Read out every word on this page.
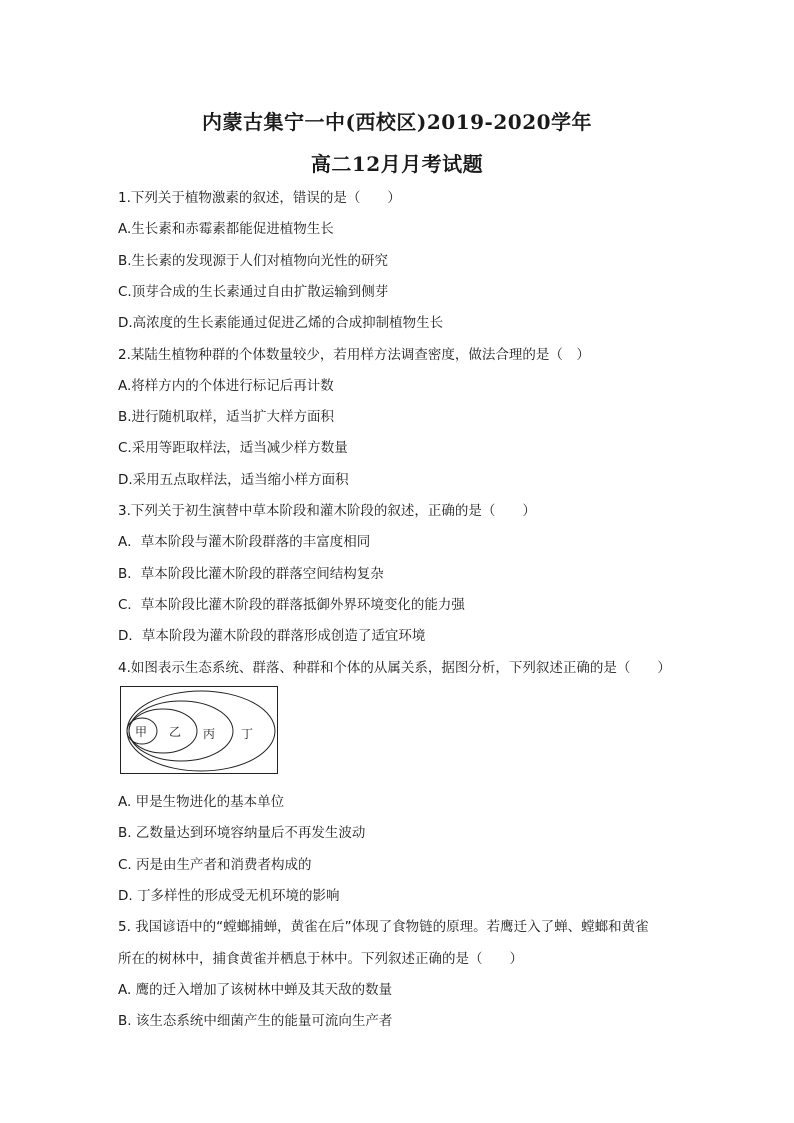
内蒙古集宁一中(西校区)2019-2020学年
高二12月月考试题
1.下列关于植物激素的叙述，错误的是（　　）
A.生长素和赤霉素都能促进植物生长
B.生长素的发现源于人们对植物向光性的研究
C.顶芽合成的生长素通过自由扩散运输到侧芽
D.高浓度的生长素能通过促进乙烯的合成抑制植物生长
2.某陆生植物种群的个体数量较少，若用样方法调查密度，做法合理的是（　）
A.将样方内的个体进行标记后再计数
B.进行随机取样，适当扩大样方面积
C.采用等距取样法，适当减少样方数量
D.采用五点取样法，适当缩小样方面积
3.下列关于初生演替中草本阶段和灌木阶段的叙述，正确的是（　　）
A．草本阶段与灌木阶段群落的丰富度相同
B．草本阶段比灌木阶段的群落空间结构复杂
C．草本阶段比灌木阶段的群落抵御外界环境变化的能力强
D．草本阶段为灌木阶段的群落形成创造了适宜环境
4.如图表示生态系统、群落、种群和个体的从属关系，据图分析，下列叙述正确的是（　　）
甲 乙 丙 丁
A. 甲是生物进化的基本单位
B. 乙数量达到环境容纳量后不再发生波动
C. 丙是由生产者和消费者构成的
D. 丁多样性的形成受无机环境的影响
5. 我国谚语中的“螳螂捕蝉，黄雀在后”体现了食物链的原理。若鹰迁入了蝉、螳螂和黄雀
所在的树林中，捕食黄雀并栖息于林中。下列叙述正确的是（　　）
A. 鹰的迁入增加了该树林中蝉及其天敌的数量
B. 该生态系统中细菌产生的能量可流向生产者
